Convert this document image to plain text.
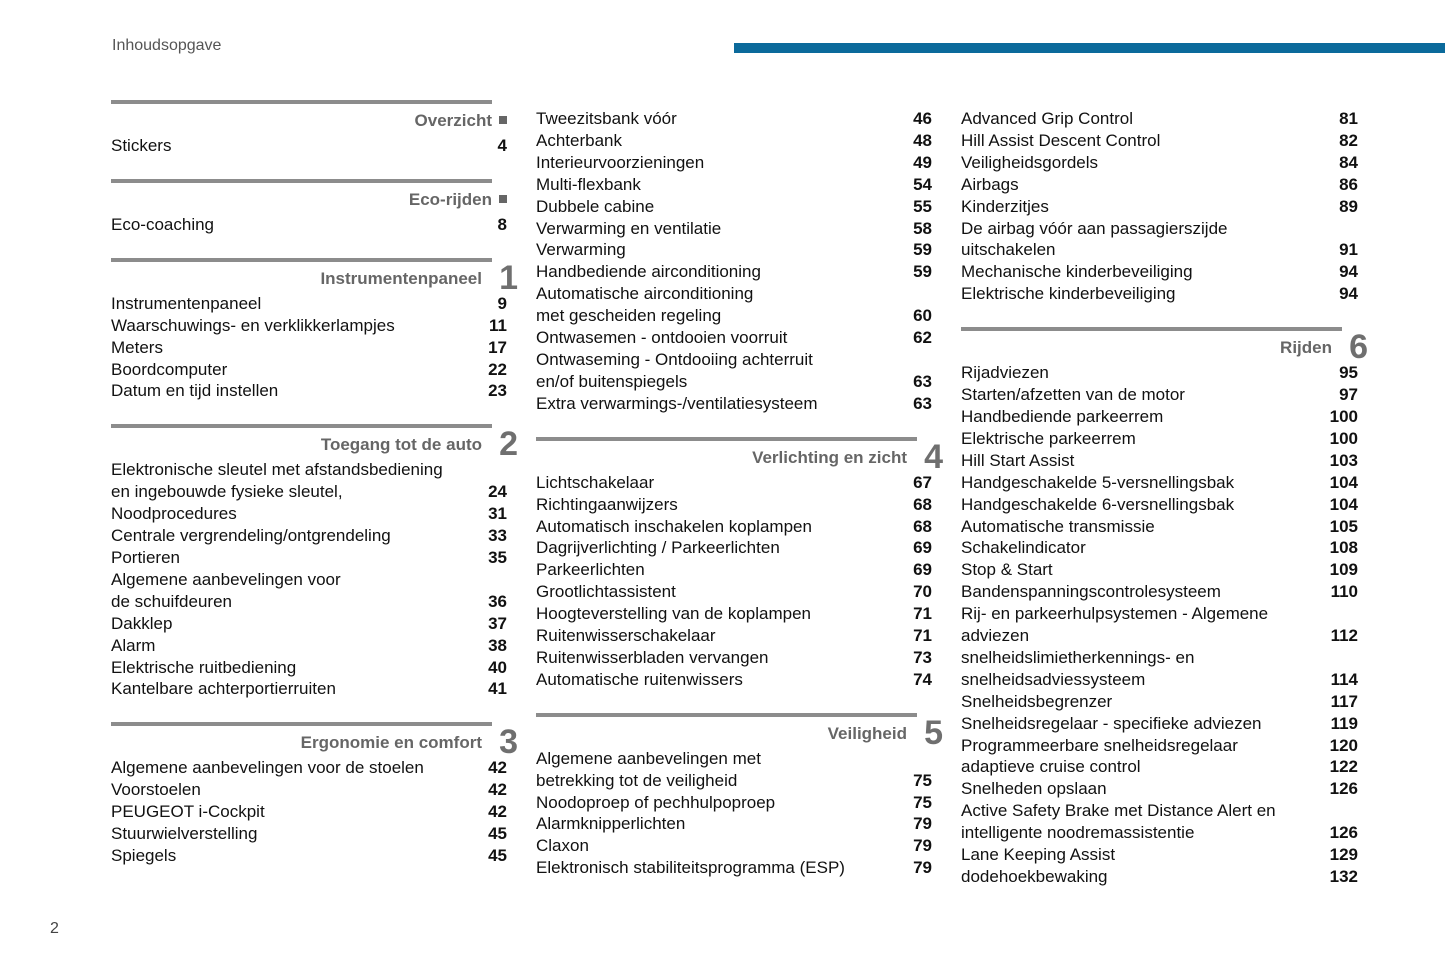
Inhoudsopgave
Overzicht
Stickers	4
Eco-rijden
Eco-coaching	8
Instrumentenpaneel 1
Instrumentenpaneel	9
Waarschuwings- en verklikkerlampjes	11
Meters	17
Boordcomputer	22
Datum en tijd instellen	23
Toegang tot de auto 2
Elektronische sleutel met afstandsbediening
en ingebouwde fysieke sleutel,	24
Noodprocedures	31
Centrale vergrendeling/ontgrendeling	33
Portieren	35
Algemene aanbevelingen voor
de schuifdeuren	36
Dakklep	37
Alarm	38
Elektrische ruitbediening	40
Kantelbare achterportierruiten	41
Ergonomie en comfort 3
Algemene aanbevelingen voor de stoelen	42
Voorstoelen	42
PEUGEOT i-Cockpit	42
Stuurwielverstelling	45
Spiegels	45
Tweezitsbank vóór	46
Achterbank	48
Interieurvoorzieningen	49
Multi-flexbank	54
Dubbele cabine	55
Verwarming en ventilatie	58
Verwarming	59
Handbediende airconditioning	59
Automatische airconditioning
met gescheiden regeling	60
Ontwasemen - ontdooien voorruit	62
Ontwaseming - Ontdooiing achterruit
en/of buitenspiegels	63
Extra verwarmings-/ventilatiesysteem	63
Verlichting en zicht 4
Lichtschakelaar	67
Richtingaanwijzers	68
Automatisch inschakelen koplampen	68
Dagrijverlichting / Parkeerlichten	69
Parkeerlichten	69
Grootlichtassistent	70
Hoogteverstelling van de koplampen	71
Ruitenwisserschakelaar	71
Ruitenwisserbladen vervangen	73
Automatische ruitenwissers	74
Veiligheid 5
Algemene aanbevelingen met
betrekking tot de veiligheid	75
Noodoproep of pechhulpoproep	75
Alarmknipperlichten	79
Claxon	79
Elektronisch stabiliteitsprogramma (ESP)	79
Advanced Grip Control	81
Hill Assist Descent Control	82
Veiligheidsgordels	84
Airbags	86
Kinderzitjes	89
De airbag vóór aan passagierszijde
uitschakelen	91
Mechanische kinderbeveiliging	94
Elektrische kinderbeveiliging	94
Rijden 6
Rijadviezen	95
Starten/afzetten van de motor	97
Handbediende parkeerrem	100
Elektrische parkeerrem	100
Hill Start Assist	103
Handgeschakelde 5-versnellingsbak	104
Handgeschakelde 6-versnellingsbak	104
Automatische transmissie	105
Schakelindicator	108
Stop & Start	109
Bandenspanningscontrolesysteem	110
Rij- en parkeerhulpsystemen - Algemene
adviezen	112
snelheidslimietherkennings- en
snelheidsadviessysteem	114
Snelheidsbegrenzer	117
Snelheidsregelaar - specifieke adviezen	119
Programmeerbare snelheidsregelaar	120
adaptieve cruise control	122
Snelheden opslaan	126
Active Safety Brake met Distance Alert en
intelligente noodremassistentie	126
Lane Keeping Assist	129
dodehoekbewaking	132
2
